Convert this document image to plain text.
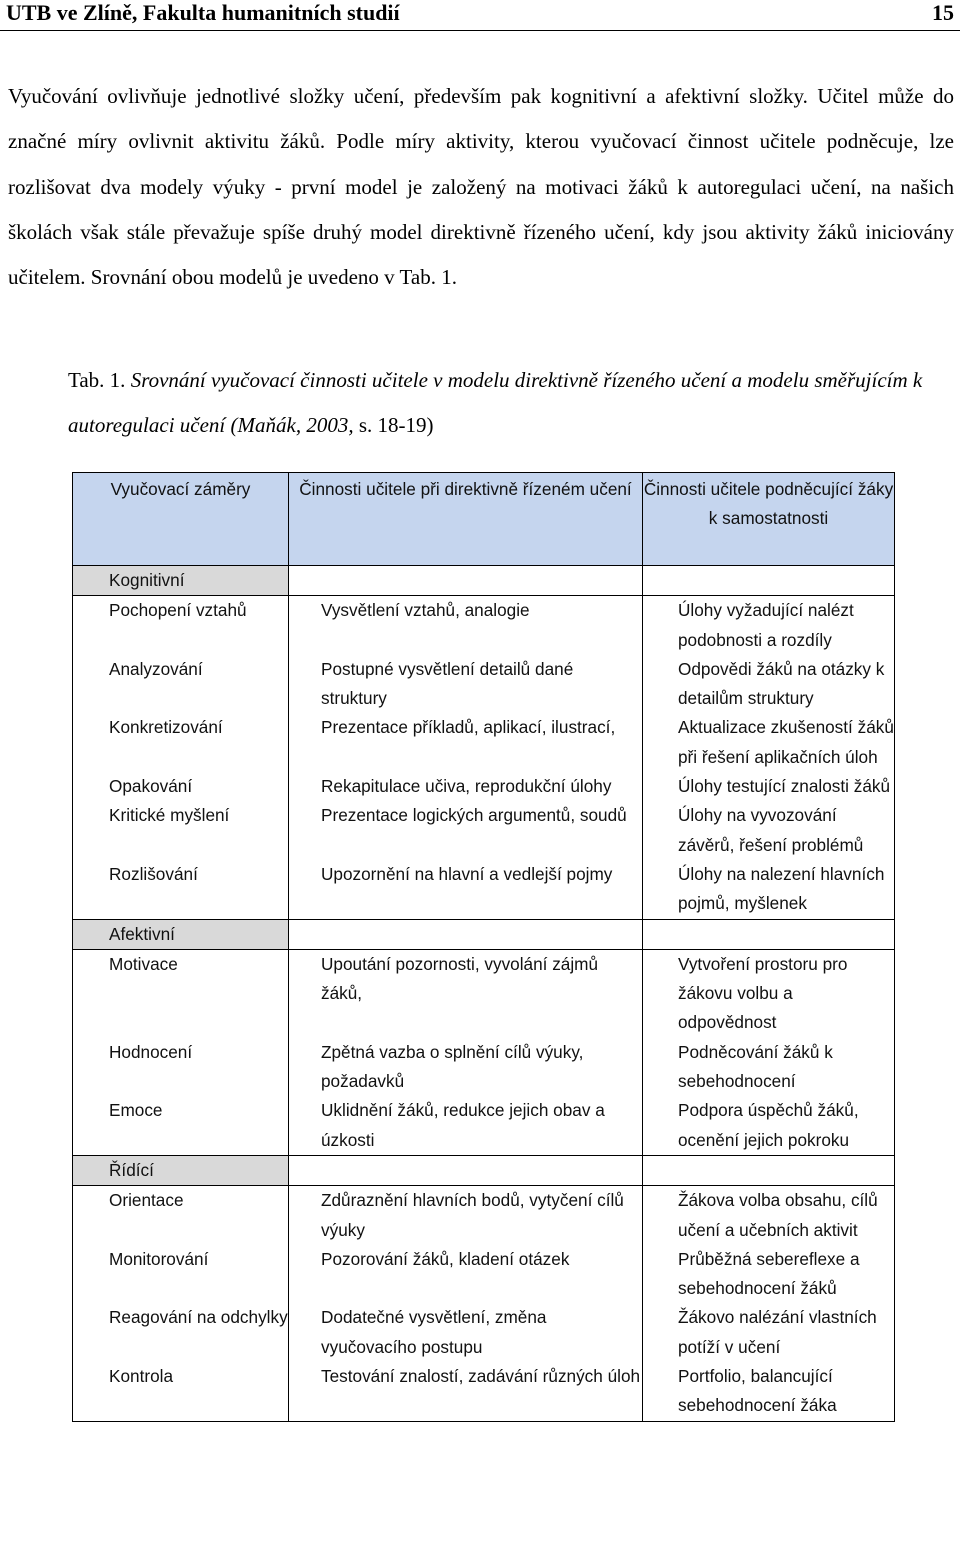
UTB ve Zlíně, Fakulta humanitních studií	15
Vyučování ovlivňuje jednotlivé složky učení, především pak kognitivní a afektivní složky. Učitel může do značné míry ovlivnit aktivitu žáků. Podle míry aktivity, kterou vyučovací činnost učitele podněcuje, lze rozlišovat dva modely výuky - první model je založený na motivaci žáků k autoregulaci učení, na našich školách však stále převažuje spíše druhý model direktivně řízeného učení, kdy jsou aktivity žáků iniciovány učitelem. Srovnání obou modelů je uvedeno v Tab. 1.
Tab. 1. Srovnání vyučovací činnosti učitele v modelu direktivně řízeného učení a modelu směřujícím k autoregulaci učení (Maňák, 2003, s. 18-19)
Vyučovací záměry	Činnosti učitele při direktivně řízeném učení	Činnosti učitele podněcující žáky k samostatnosti
Kognitivní		
Pochopení vztahů	Vysvětlení vztahů, analogie	Úlohy vyžadující nalézt podobnosti a rozdíly
Analyzování	Postupné vysvětlení detailů dané struktury	Odpovědi žáků na otázky k detailům struktury
Konkretizování	Prezentace příkladů, aplikací, ilustrací,	Aktualizace zkušeností žáků při řešení aplikačních úloh
Opakování	Rekapitulace učiva, reprodukční úlohy	Úlohy testující znalosti žáků
Kritické myšlení	Prezentace logických argumentů, soudů	Úlohy na vyvozování závěrů, řešení problémů
Rozlišování	Upozornění na hlavní a vedlejší pojmy	Úlohy na nalezení hlavních pojmů, myšlenek
Afektivní		
Motivace	Upoutání pozornosti, vyvolání zájmů žáků,	Vytvoření prostoru pro žákovu volbu a odpovědnost
Hodnocení	Zpětná vazba o splnění cílů výuky, požadavků	Podněcování žáků k sebehodnocení
Emoce	Uklidnění žáků, redukce jejich obav a úzkosti	Podpora úspěchů žáků, ocenění jejich pokroku
Řídící		
Orientace	Zdůraznění hlavních bodů, vytyčení cílů výuky	Žákova volba obsahu, cílů učení a učebních aktivit
Monitorování	Pozorování žáků, kladení otázek	Průběžná sebereflexe a sebehodnocení žáků
Reagování na odchylky	Dodatečné vysvětlení, změna vyučovacího postupu	Žákovo nalézání vlastních potíží v učení
Kontrola	Testování znalostí, zadávání různých úloh	Portfolio, balancující sebehodnocení žáka
